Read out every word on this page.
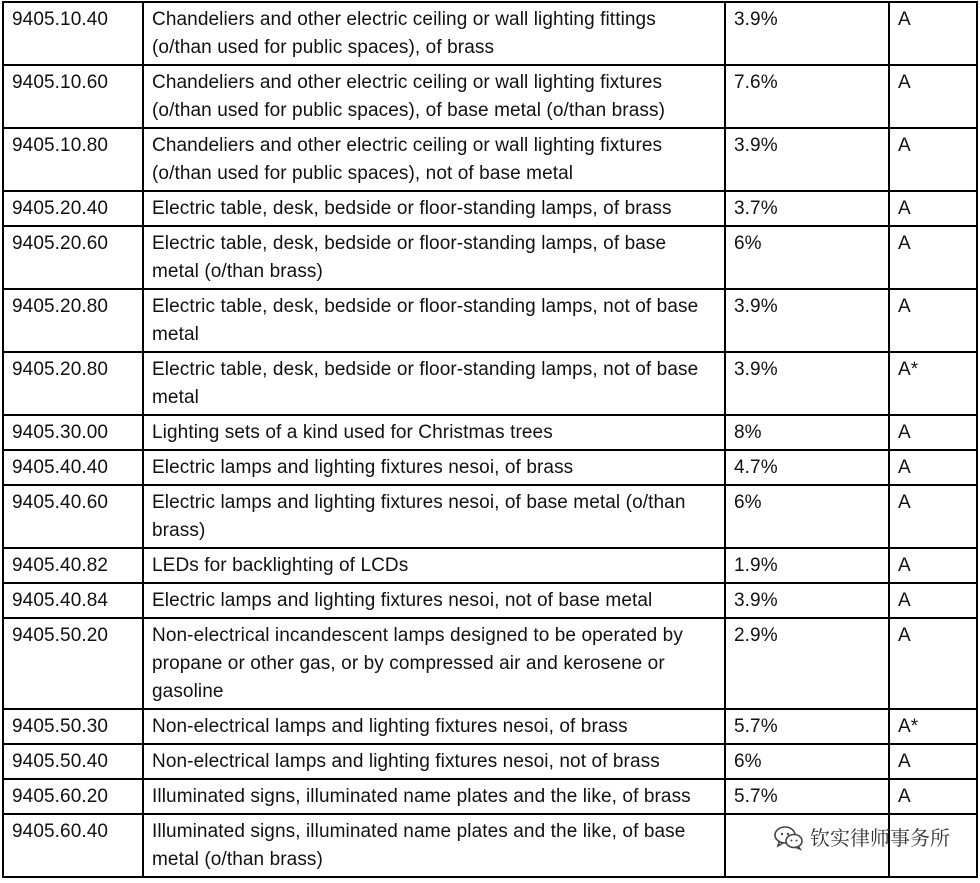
9405.10.40	Chandeliers and other electric ceiling or wall lighting fittings (o/than used for public spaces), of brass	3.9%	A
9405.10.60	Chandeliers and other electric ceiling or wall lighting fixtures (o/than used for public spaces), of base metal (o/than brass)	7.6%	A
9405.10.80	Chandeliers and other electric ceiling or wall lighting fixtures (o/than used for public spaces), not of base metal	3.9%	A
9405.20.40	Electric table, desk, bedside or floor-standing lamps, of brass	3.7%	A
9405.20.60	Electric table, desk, bedside or floor-standing lamps, of base metal (o/than brass)	6%	A
9405.20.80	Electric table, desk, bedside or floor-standing lamps, not of base metal	3.9%	A
9405.20.80	Electric table, desk, bedside or floor-standing lamps, not of base metal	3.9%	A*
9405.30.00	Lighting sets of a kind used for Christmas trees	8%	A
9405.40.40	Electric lamps and lighting fixtures nesoi, of brass	4.7%	A
9405.40.60	Electric lamps and lighting fixtures nesoi, of base metal (o/than brass)	6%	A
9405.40.82	LEDs for backlighting of LCDs	1.9%	A
9405.40.84	Electric lamps and lighting fixtures nesoi, not of base metal	3.9%	A
9405.50.20	Non-electrical incandescent lamps designed to be operated by propane or other gas, or by compressed air and kerosene or gasoline	2.9%	A
9405.50.30	Non-electrical lamps and lighting fixtures nesoi, of brass	5.7%	A*
9405.50.40	Non-electrical lamps and lighting fixtures nesoi, not of brass	6%	A
9405.60.20	Illuminated signs, illuminated name plates and the like, of brass	5.7%	A
9405.60.40	Illuminated signs, illuminated name plates and the like, of base metal (o/than brass)		
钦实律师事务所
